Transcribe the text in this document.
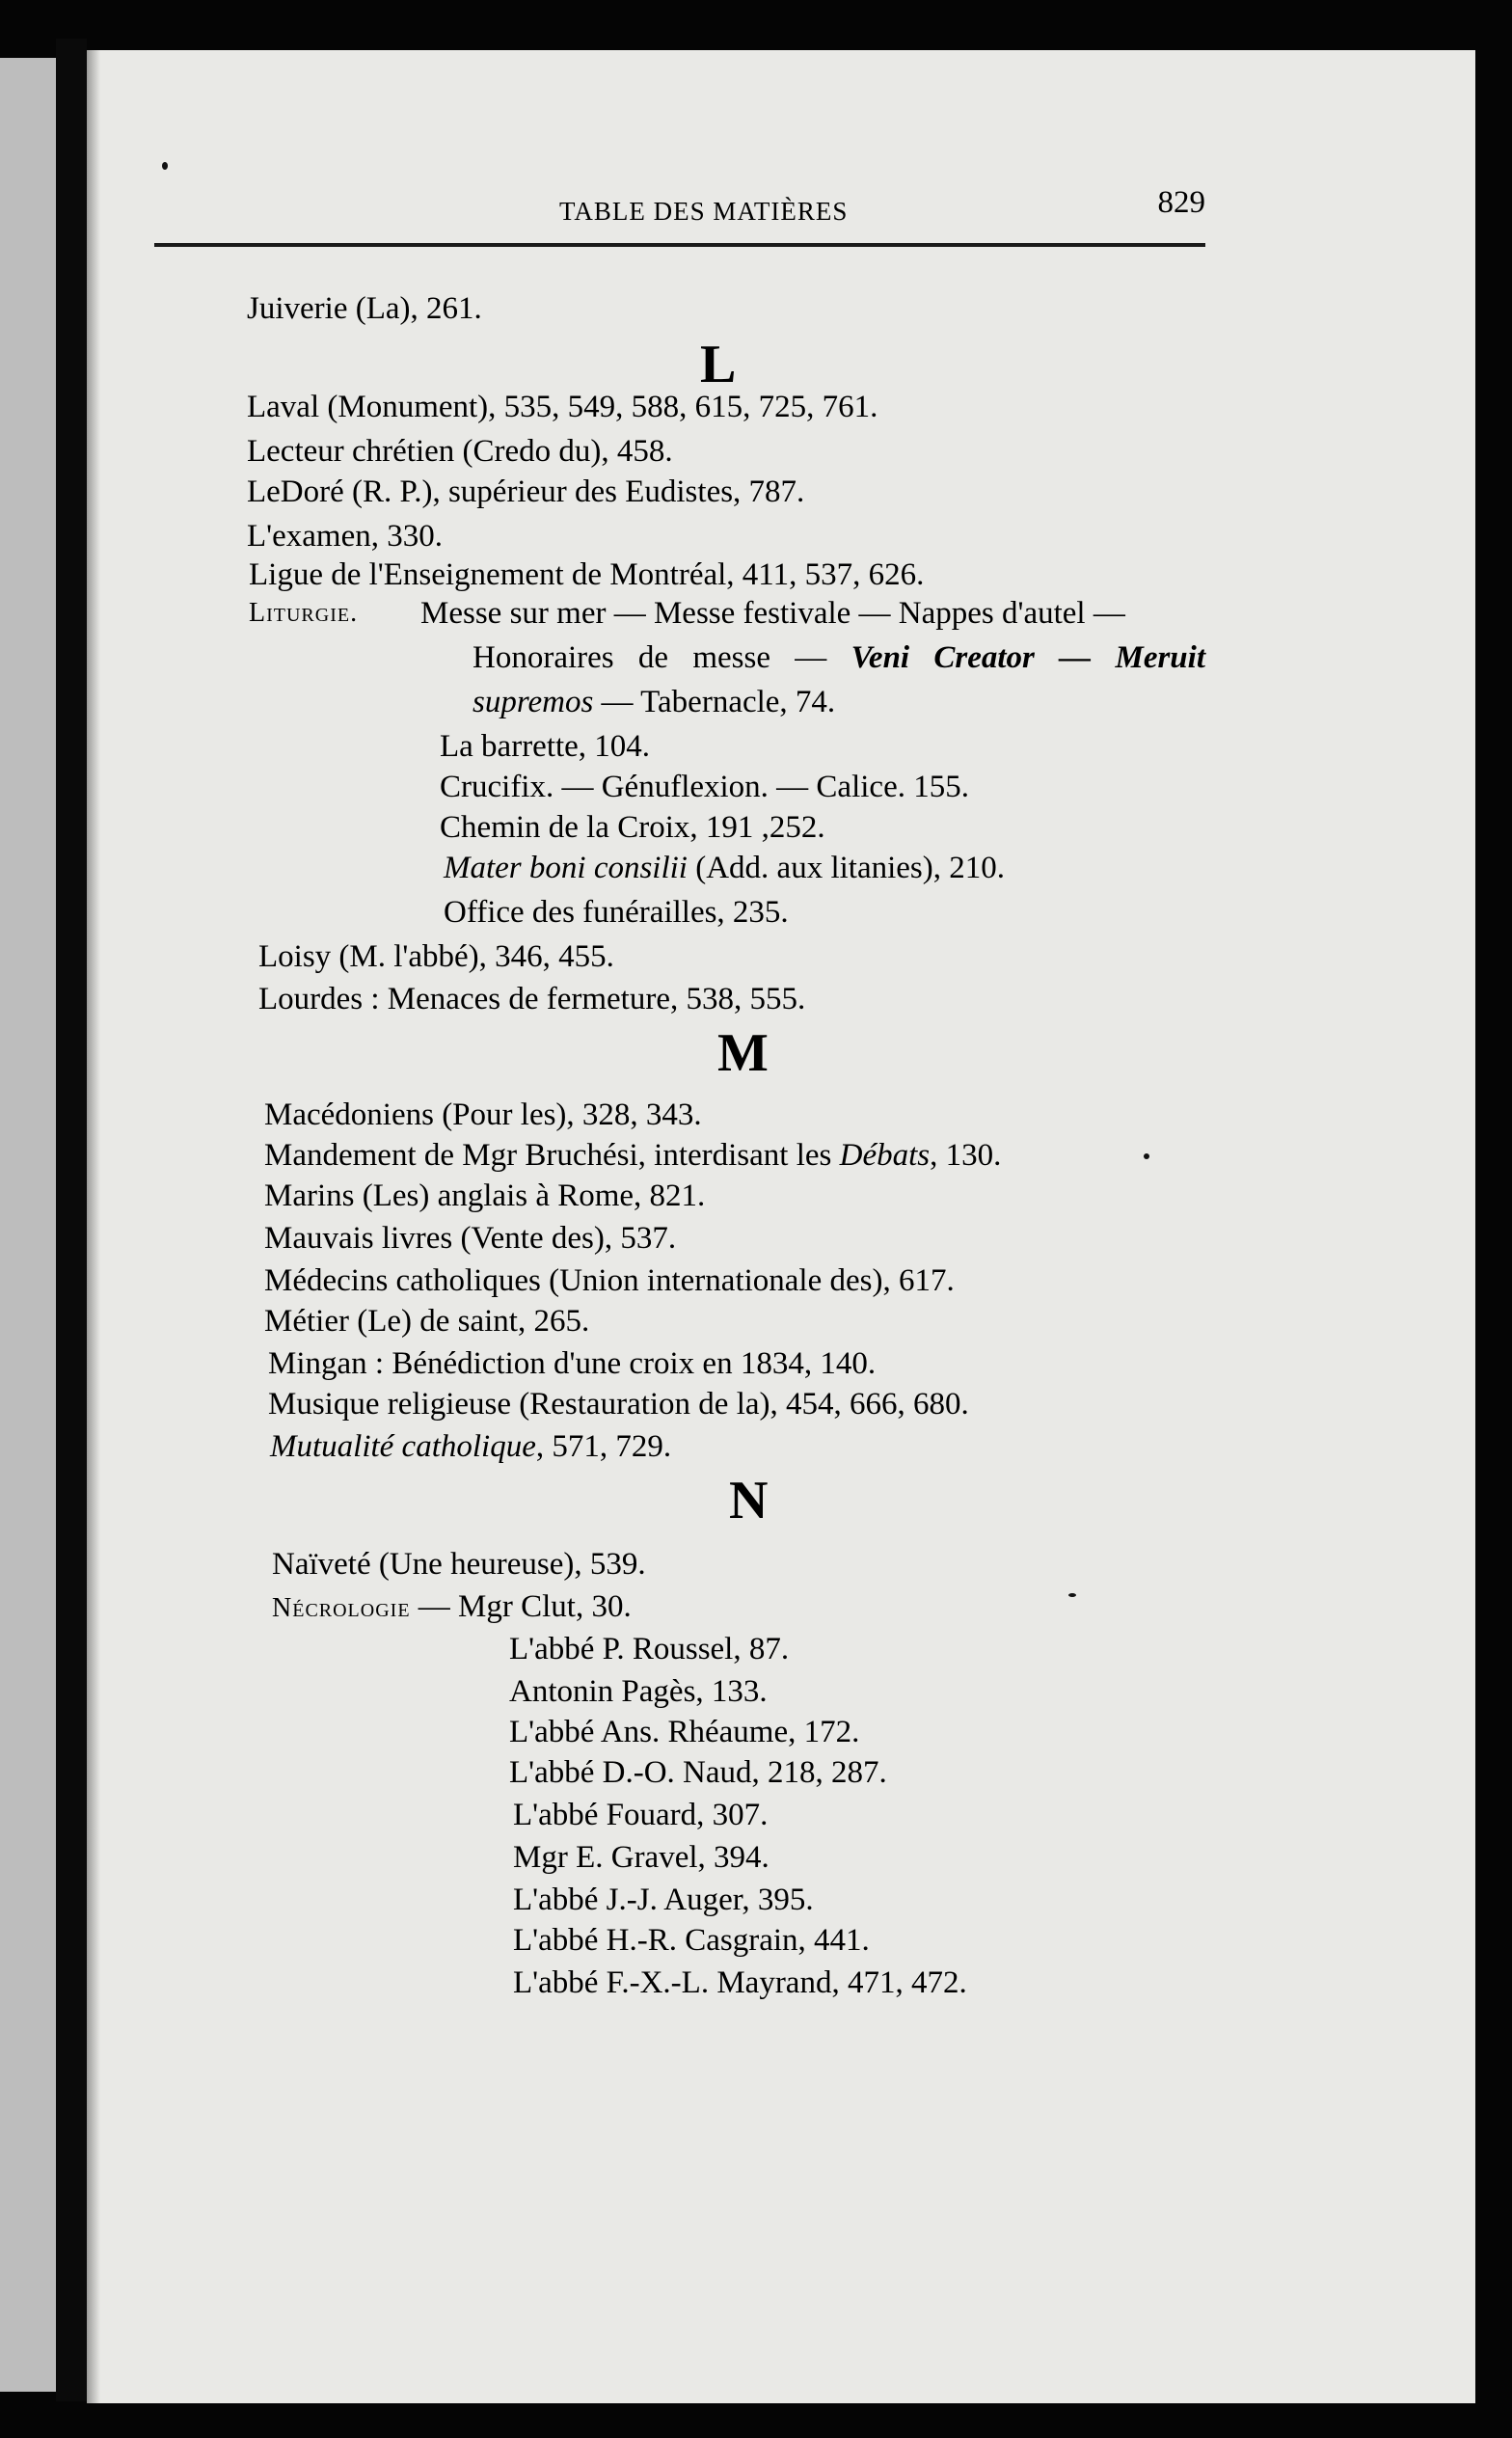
TABLE DES MATIÈRES	829
Juiverie (La), 261.
L
Laval (Monument), 535, 549, 588, 615, 725, 761.
Lecteur chrétien (Credo du), 458.
LeDoré (R. P.), supérieur des Eudistes, 787.
L'examen, 330.
Ligue de l'Enseignement de Montréal, 411, 537, 626.
Liturgie. Messe sur mer — Messe festivale — Nappes d'autel —
Honoraires de messe — Veni Creator — Meruit
supremos — Tabernacle, 74.
La barrette, 104.
Crucifix. — Génuflexion. — Calice. 155.
Chemin de la Croix, 191 ,252.
Mater boni consilii (Add. aux litanies), 210.
Office des funérailles, 235.
Loisy (M. l'abbé), 346, 455.
Lourdes : Menaces de fermeture, 538, 555.
M
Macédoniens (Pour les), 328, 343.
Mandement de Mgr Bruchési, interdisant les Débats, 130.
Marins (Les) anglais à Rome, 821.
Mauvais livres (Vente des), 537.
Médecins catholiques (Union internationale des), 617.
Métier (Le) de saint, 265.
Mingan : Bénédiction d'une croix en 1834, 140.
Musique religieuse (Restauration de la), 454, 666, 680.
Mutualité catholique, 571, 729.
N
Naïveté (Une heureuse), 539.
Nécrologie — Mgr Clut, 30.
L'abbé P. Roussel, 87.
Antonin Pagès, 133.
L'abbé Ans. Rhéaume, 172.
L'abbé D.-O. Naud, 218, 287.
L'abbé Fouard, 307.
Mgr E. Gravel, 394.
L'abbé J.-J. Auger, 395.
L'abbé H.-R. Casgrain, 441.
L'abbé F.-X.-L. Mayrand, 471, 472.
